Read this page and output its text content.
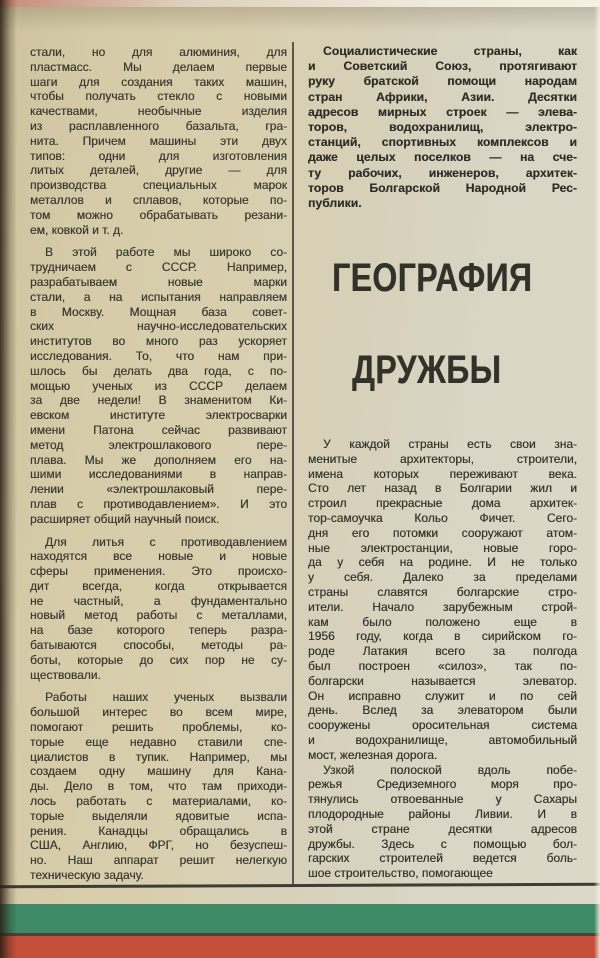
стали, но для алюминия, для
пластмасс. Мы делаем первые
шаги для создания таких машин,
чтобы получать стекло с новыми
качествами, необычные изделия
из расплавленного базальта, гра-
нита. Причем машины эти двух
типов: одни для изготовления
литых деталей, другие — для
производства специальных марок
металлов и сплавов, которые по-
том можно обрабатывать резани-
ем, ковкой и т. д.
В этой работе мы широко со-
трудничаем с СССР. Например,
разрабатываем новые марки
стали, а на испытания направляем
в Москву. Мощная база совет-
ских научно-исследовательских
институтов во много раз ускоряет
исследования. То, что нам при-
шлось бы делать два года, с по-
мощью ученых из СССР делаем
за две недели! В знаменитом Ки-
евском институте электросварки
имени Патона сейчас развивают
метод электрошлакового пере-
плава. Мы же дополняем его на-
шими исследованиями в направ-
лении «электрошлаковый пере-
плав с противодавлением». И это
расширяет общий научный поиск.
Для литья с противодавлением
находятся все новые и новые
сферы применения. Это происхо-
дит всегда, когда открывается
не частный, а фундаментально
новый метод работы с металлами,
на базе которого теперь разра-
батываются способы, методы ра-
боты, которые до сих пор не су-
ществовали.
Работы наших ученых вызвали
большой интерес во всем мире,
помогают решить проблемы, ко-
торые еще недавно ставили спе-
циалистов в тупик. Например, мы
создаем одну машину для Кана-
ды. Дело в том, что там приходи-
лось работать с материалами, ко-
торые выделяли ядовитые испа-
рения. Канадцы обращались в
США, Англию, ФРГ, но безуспеш-
но. Наш аппарат решит нелегкую
техническую задачу.
Социалистические страны, как
и Советский Союз, протягивают
руку братской помощи народам
стран Африки, Азии. Десятки
адресов мирных строек — элева-
торов, водохранилищ, электро-
станций, спортивных комплексов и
даже целых поселков — на сче-
ту рабочих, инженеров, архитек-
торов Болгарской Народной Рес-
публики.
ГЕОГРАФИЯ
ДРУЖБЫ
У каждой страны есть свои зна-
менитые архитекторы, строители,
имена которых переживают века.
Сто лет назад в Болгарии жил и
строил прекрасные дома архитек-
тор-самоучка Кольо Фичет. Сего-
дня его потомки сооружают атом-
ные электростанции, новые горо-
да у себя на родине. И не только
у себя. Далеко за пределами
страны славятся болгарские стро-
ители. Начало зарубежным строй-
кам было положено еще в
1956 году, когда в сирийском го-
роде Латакия всего за полгода
был построен «силоз», так по-
болгарски называется элеватор.
Он исправно служит и по сей
день. Вслед за элеватором были
сооружены оросительная система
и водохранилище, автомобильный
мост, железная дорога.
Узкой полоской вдоль побе-
режья Средиземного моря про-
тянулись отвоеванные у Сахары
плодородные районы Ливии. И в
этой стране десятки адресов
дружбы. Здесь с помощью бол-
гарских строителей ведется боль-
шое строительство, помогающее
